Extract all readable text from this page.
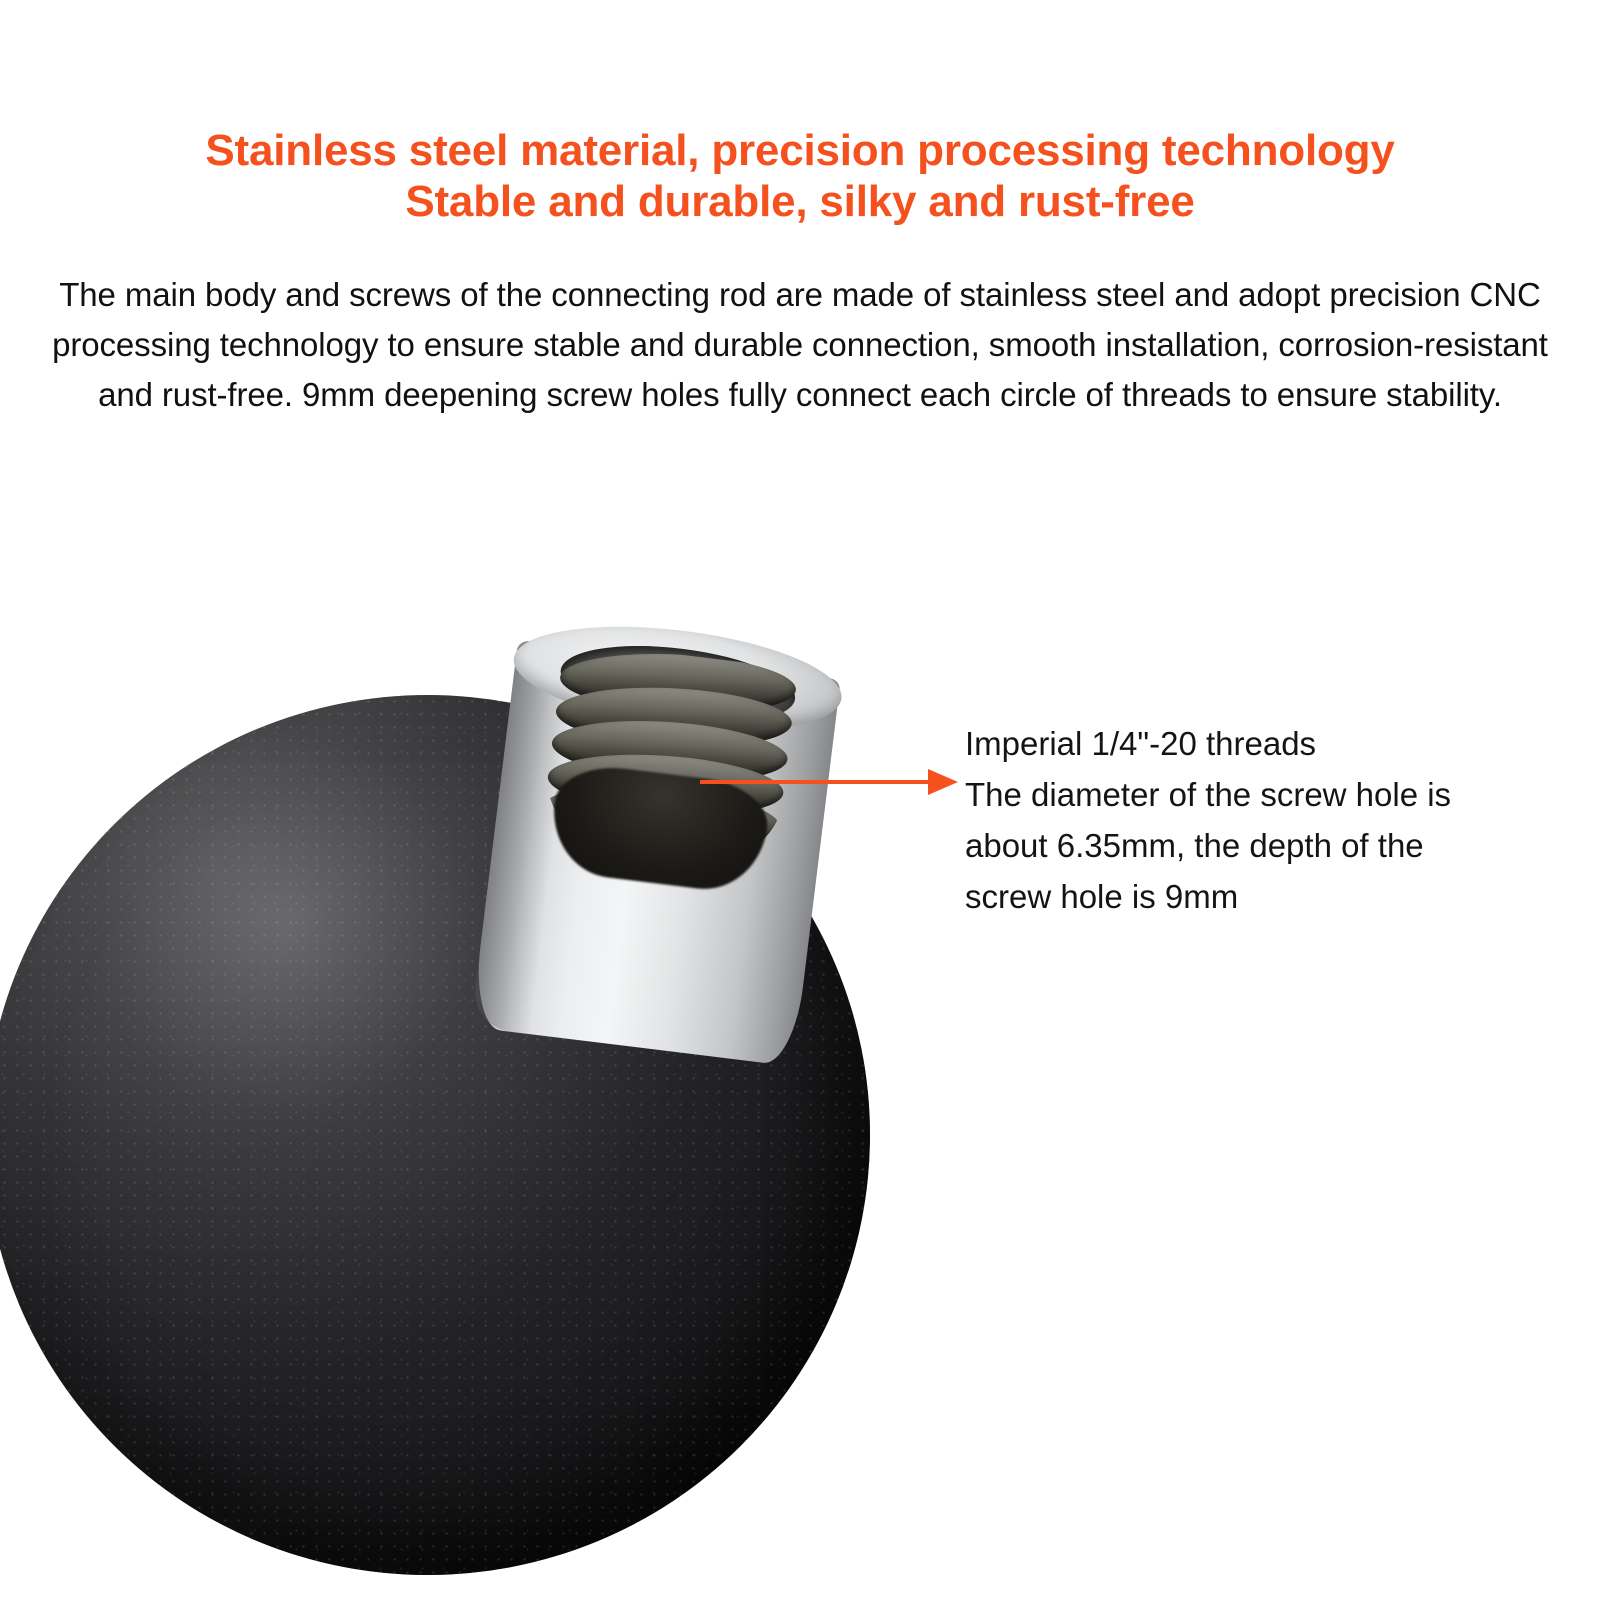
Stainless steel material, precision processing technology
Stable and durable, silky and rust-free

The main body and screws of the connecting rod are made of stainless steel and adopt precision CNC processing technology to ensure stable and durable connection, smooth installation, corrosion-resistant and rust-free. 9mm deepening screw holes fully connect each circle of threads to ensure stability.

Imperial 1/4"-20 threads
The diameter of the screw hole is
about 6.35mm, the depth of the
screw hole is 9mm
